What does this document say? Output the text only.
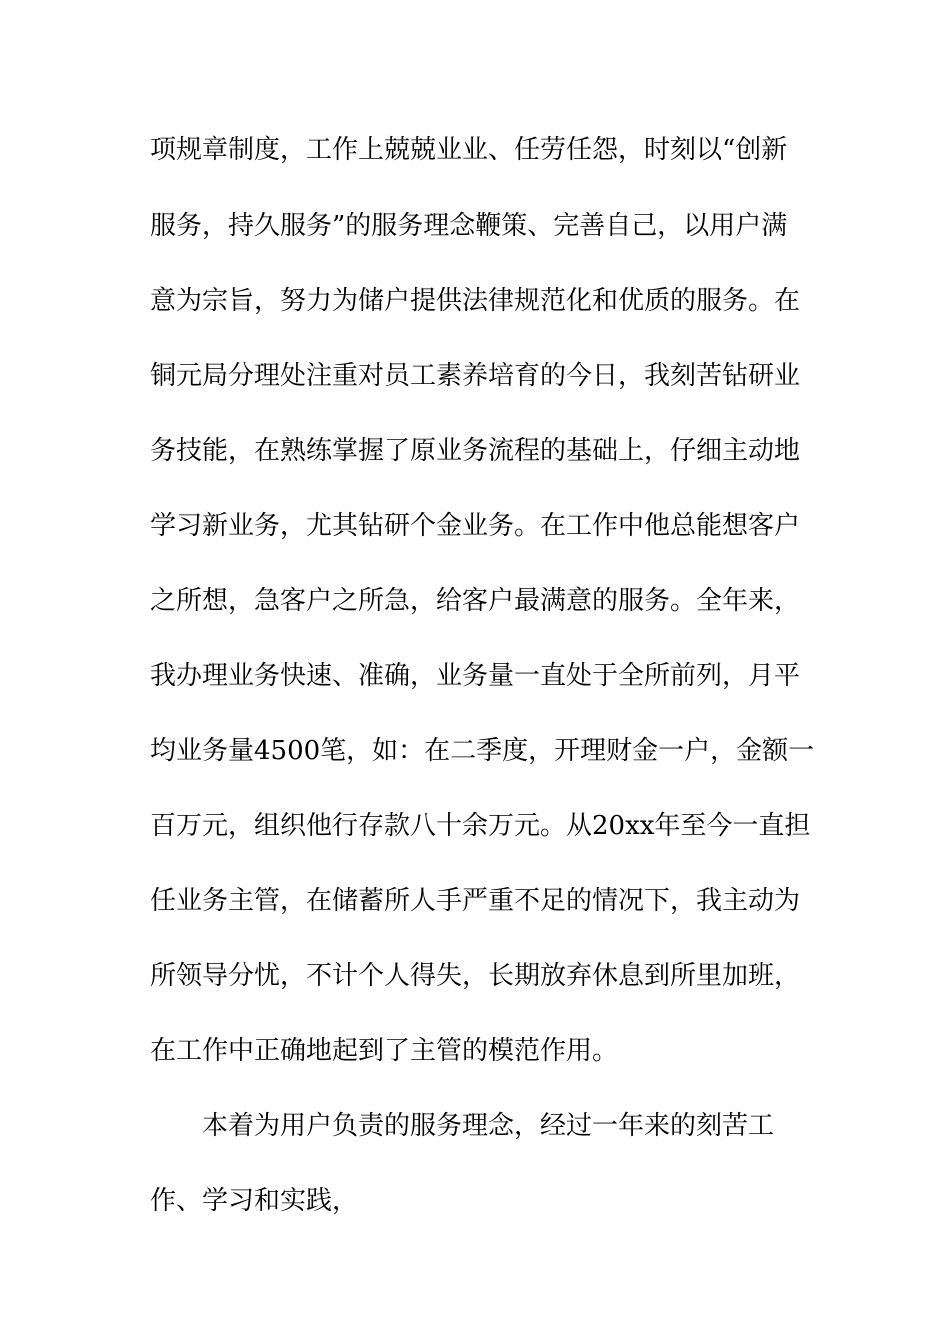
项规章制度，工作上兢兢业业、任劳任怨，时刻以“创新
服务，持久服务”的服务理念鞭策、完善自己，以用户满
意为宗旨，努力为储户提供法律规范化和优质的服务。在
铜元局分理处注重对员工素养培育的今日，我刻苦钻研业
务技能，在熟练掌握了原业务流程的基础上，仔细主动地
学习新业务，尤其钻研个金业务。在工作中他总能想客户
之所想，急客户之所急，给客户最满意的服务。全年来，
我办理业务快速、准确，业务量一直处于全所前列，月平
均业务量4500笔，如：在二季度，开理财金一户，金额一
百万元，组织他行存款八十余万元。从20xx年至今一直担
任业务主管，在储蓄所人手严重不足的情况下，我主动为
所领导分忧，不计个人得失，长期放弃休息到所里加班，
在工作中正确地起到了主管的模范作用。
本着为用户负责的服务理念，经过一年来的刻苦工
作、学习和实践，
